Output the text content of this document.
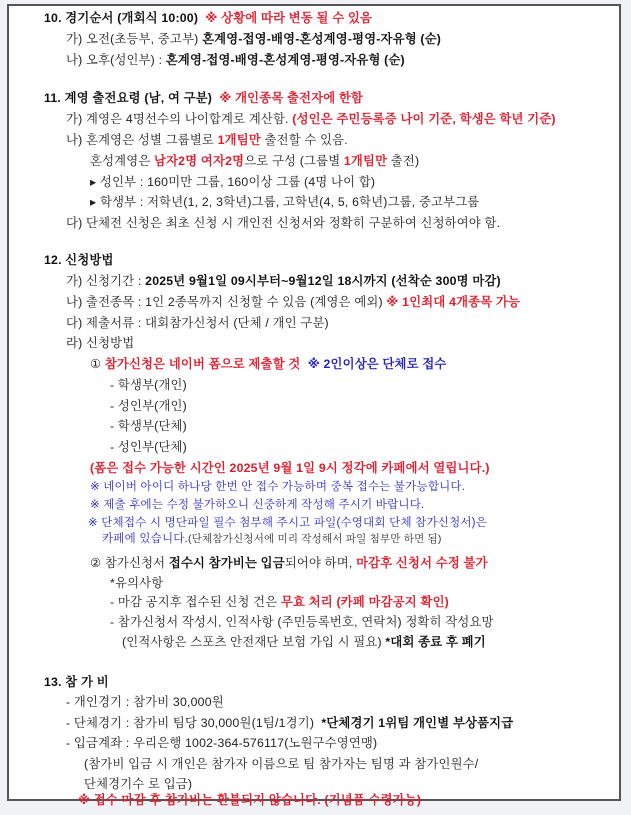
10. 경기순서 (개회식 10:00)  ※ 상황에 따라 변동 될 수 있음
가) 오전(초등부, 중고부) 혼계영-접영-배영-혼성계영-평영-자유형 (순)
나) 오후(성인부) : 혼계영-접영-배영-혼성계영-평영-자유형 (순)
11. 계영 출전요령 (남, 여 구분)  ※ 개인종목 출전자에 한함
가) 계영은 4명선수의 나이합계로 계산함. (성인은 주민등록증 나이 기준, 학생은 학년 기준)
나) 혼계영은 성별 그룹별로 1개팀만 출전할 수 있음.
혼성계영은 남자2명 여자2명으로 구성 (그룹별 1개팀만 출전)
▸ 성인부 : 160미만 그룹, 160이상 그룹 (4명 나이 합)
▸ 학생부 : 저학년(1, 2, 3학년)그룹, 고학년(4, 5, 6학년)그룹, 중고부그룹
다) 단체전 신청은 최초 신청 시 개인전 신청서와 정확히 구분하여 신청하여야 함.
12. 신청방법
가) 신청기간 : 2025년 9월1일 09시부터~9월12일 18시까지 (선착순 300명 마감)
나) 출전종목 : 1인 2종목까지 신청할 수 있음 (계영은 예외) ※ 1인최대 4개종목 가능
다) 제출서류 : 대회참가신청서 (단체 / 개인 구분)
라) 신청방법
① 참가신청은 네이버 폼으로 제출할 것  ※ 2인이상은 단체로 접수
- 학생부(개인)
- 성인부(개인)
- 학생부(단체)
- 성인부(단체)
(폼은 접수 가능한 시간인 2025년 9월 1일 9시 정각에 카페에서 열립니다.)
※ 네이버 아이디 하나당 한번 안 접수 가능하며 중복 접수는 불가능합니다.
※ 제출 후에는 수정 불가하오니 신중하게 작성해 주시기 바랍니다.
※ 단체접수 시 명단파일 필수 첨부해 주시고 파일(수영대회 단체 참가신청서)은
카페에 있습니다.(단체참가신청서에 미리 작성해서 파일 첨부만 하면 됨)
② 참가신청서 접수시 참가비는 입금되어야 하며, 마감후 신청서 수정 불가
*유의사항
- 마감 공지후 접수된 신청 건은 무효 처리 (카페 마감공지 확인)
- 참가신청서 작성시, 인적사항 (주민등록번호, 연락처) 정확히 작성요망
(인적사항은 스포츠 안전재단 보험 가입 시 필요) *대회 종료 후 폐기
13. 참 가 비
- 개인경기 : 참가비 30,000원
- 단체경기 : 참가비 팀당 30,000원(1팀/1경기)  *단체경기 1위팀 개인별 부상품지급
- 입금계좌 : 우리은행 1002-364-576117(노원구수영연맹)
(참가비 입금 시 개인은 참가자 이름으로 팀 참가자는 팀명 과 참가인원수/
단체경기수 로 입금)
※ 접수 마감 후 참가비는 환불되지 않습니다. (기념품 수령가능)
